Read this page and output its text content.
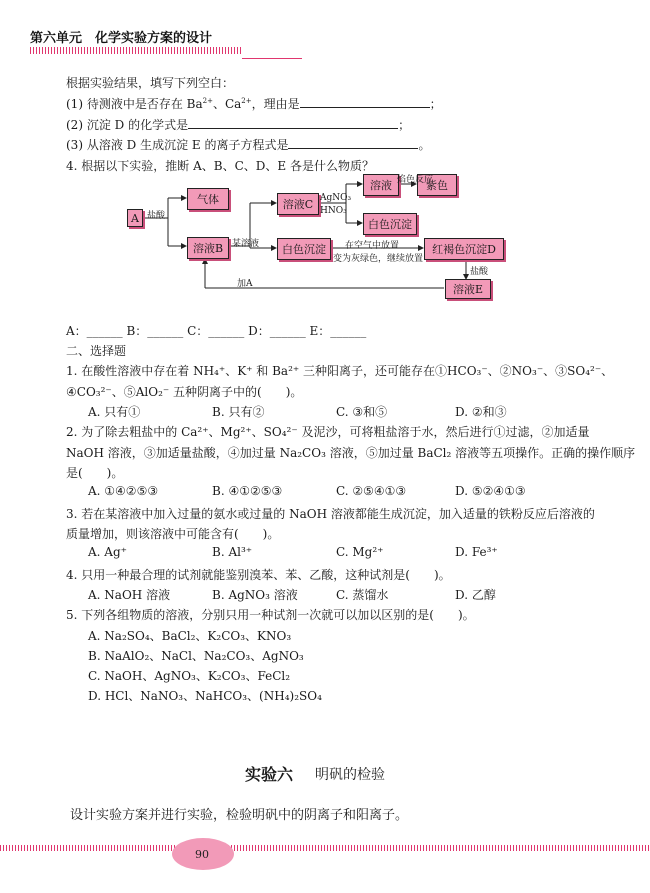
第六单元　 化学实验方案的设计
根据实验结果，填写下列空白：
(1) 待测液中是否存在 $Ba^{2+}$、$Ca^{2+}$，理由是	；
(2) 沉淀 D 的化学式是	；
(3) 从溶液 D 生成沉淀 E 的离子方程式是	。
4. 根据以下实验，推断 A、B、C、D、E 各是什么物质？
A
气体
溶液B
溶液C
白色沉淀
溶液	紫色
白色沉淀
红褐色沉淀D
溶液E
盐酸
AgNO₃
HNO₃
焰色反应
某溶液	在空气中放置
变为灰绿色，继续放置
盐酸
加A
A：______ B：______ C：______ D：______ E：______
二、选择题
1. 在酸性溶液中存在着 NH₄⁺、K⁺ 和 Ba²⁺ 三种阳离子，还可能存在①HCO₃⁻、②NO₃⁻、③SO₄²⁻、
④CO₃²⁻、⑤AlO₂⁻ 五种阴离子中的(　　)。
A. 只有①	B. 只有②	C. ③和⑤	D. ②和③
2. 为了除去粗盐中的 Ca²⁺、Mg²⁺、SO₄²⁻ 及泥沙，可将粗盐溶于水，然后进行①过滤，②加适量
NaOH 溶液，③加适量盐酸，④加过量 Na₂CO₃ 溶液，⑤加过量 BaCl₂ 溶液等五项操作。正确的操作顺序
是(　　)。
A. ①④②⑤③	B. ④①②⑤③	C. ②⑤④①③	D. ⑤②④①③
3. 若在某溶液中加入过量的氨水或过量的 NaOH 溶液都能生成沉淀，加入适量的铁粉反应后溶液的
质量增加，则该溶液中可能含有(　　)。
A. Ag⁺	B. Al³⁺	C. Mg²⁺	D. Fe³⁺
4. 只用一种最合理的试剂就能鉴别溴苯、苯、乙酸，这种试剂是(　　)。
A. NaOH 溶液	B. AgNO₃ 溶液	C. 蒸馏水	D. 乙醇
5. 下列各组物质的溶液，分别只用一种试剂一次就可以加以区别的是(　　)。
A. Na₂SO₄、BaCl₂、K₂CO₃、KNO₃
B. NaAlO₂、NaCl、Na₂CO₃、AgNO₃
C. NaOH、AgNO₃、K₂CO₃、FeCl₂
D. HCl、NaNO₃、NaHCO₃、(NH₄)₂SO₄
实验六 明矾的检验
设计实验方案并进行实验，检验明矾中的阴离子和阳离子。
90
